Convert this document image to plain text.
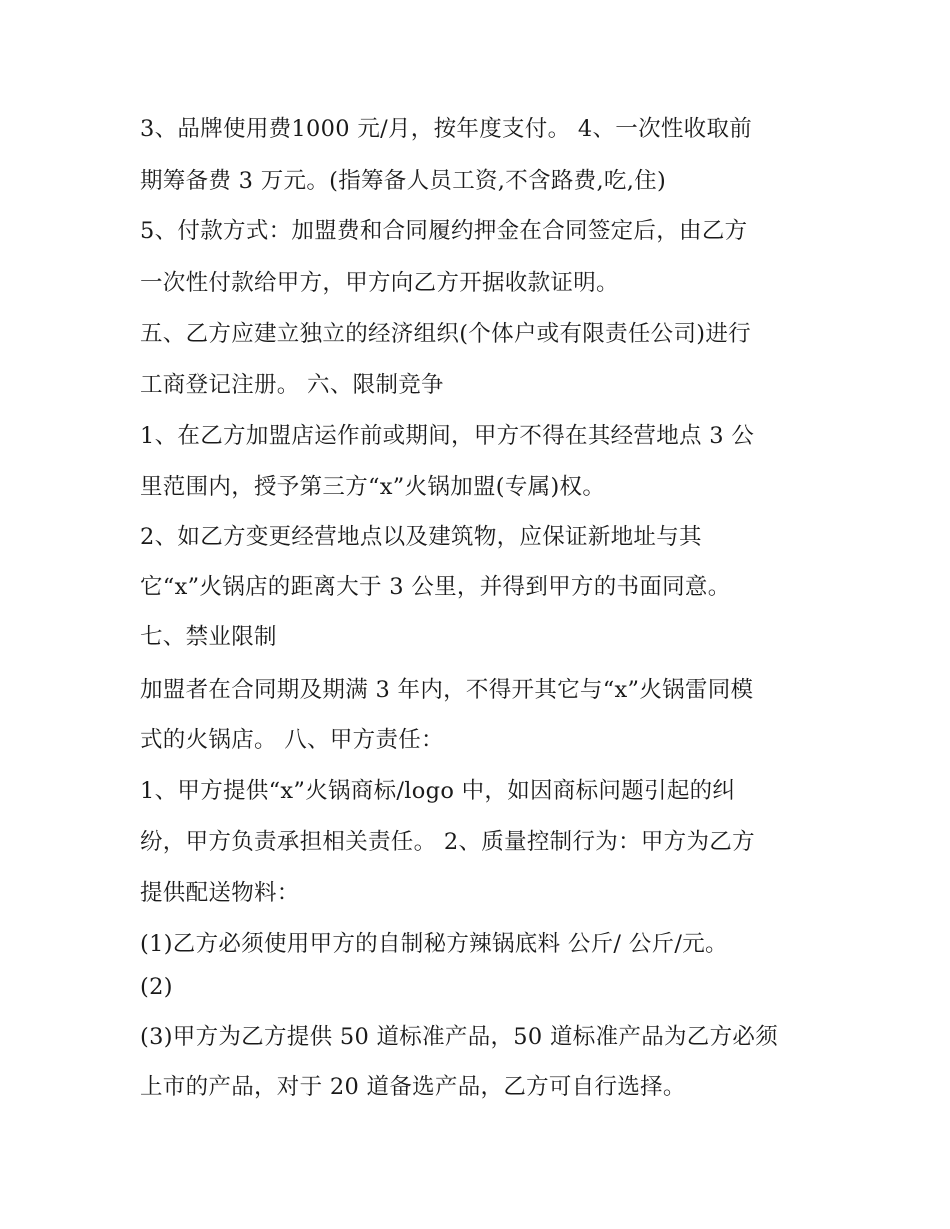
3、品牌使用费1000 元/月，按年度支付。 4、一次性收取前
期筹备费 3 万元。(指筹备人员工资,不含路费,吃,住)
5、付款方式：加盟费和合同履约押金在合同签定后，由乙方
一次性付款给甲方，甲方向乙方开据收款证明。
五、乙方应建立独立的经济组织(个体户或有限责任公司)进行
工商登记注册。 六、限制竞争
1、在乙方加盟店运作前或期间，甲方不得在其经营地点 3 公
里范围内，授予第三方“x”火锅加盟(专属)权。
2、如乙方变更经营地点以及建筑物，应保证新地址与其
它“x”火锅店的距离大于 3 公里，并得到甲方的书面同意。
七、禁业限制
加盟者在合同期及期满 3 年内，不得开其它与“x”火锅雷同模
式的火锅店。 八、甲方责任：
1、甲方提供“x”火锅商标/logo 中，如因商标问题引起的纠
纷，甲方负责承担相关责任。 2、质量控制行为：甲方为乙方
提供配送物料：
(1)乙方必须使用甲方的自制秘方辣锅底料 公斤/ 公斤/元。
(2)
(3)甲方为乙方提供 50 道标准产品，50 道标准产品为乙方必须
上市的产品，对于 20 道备选产品，乙方可自行选择。
